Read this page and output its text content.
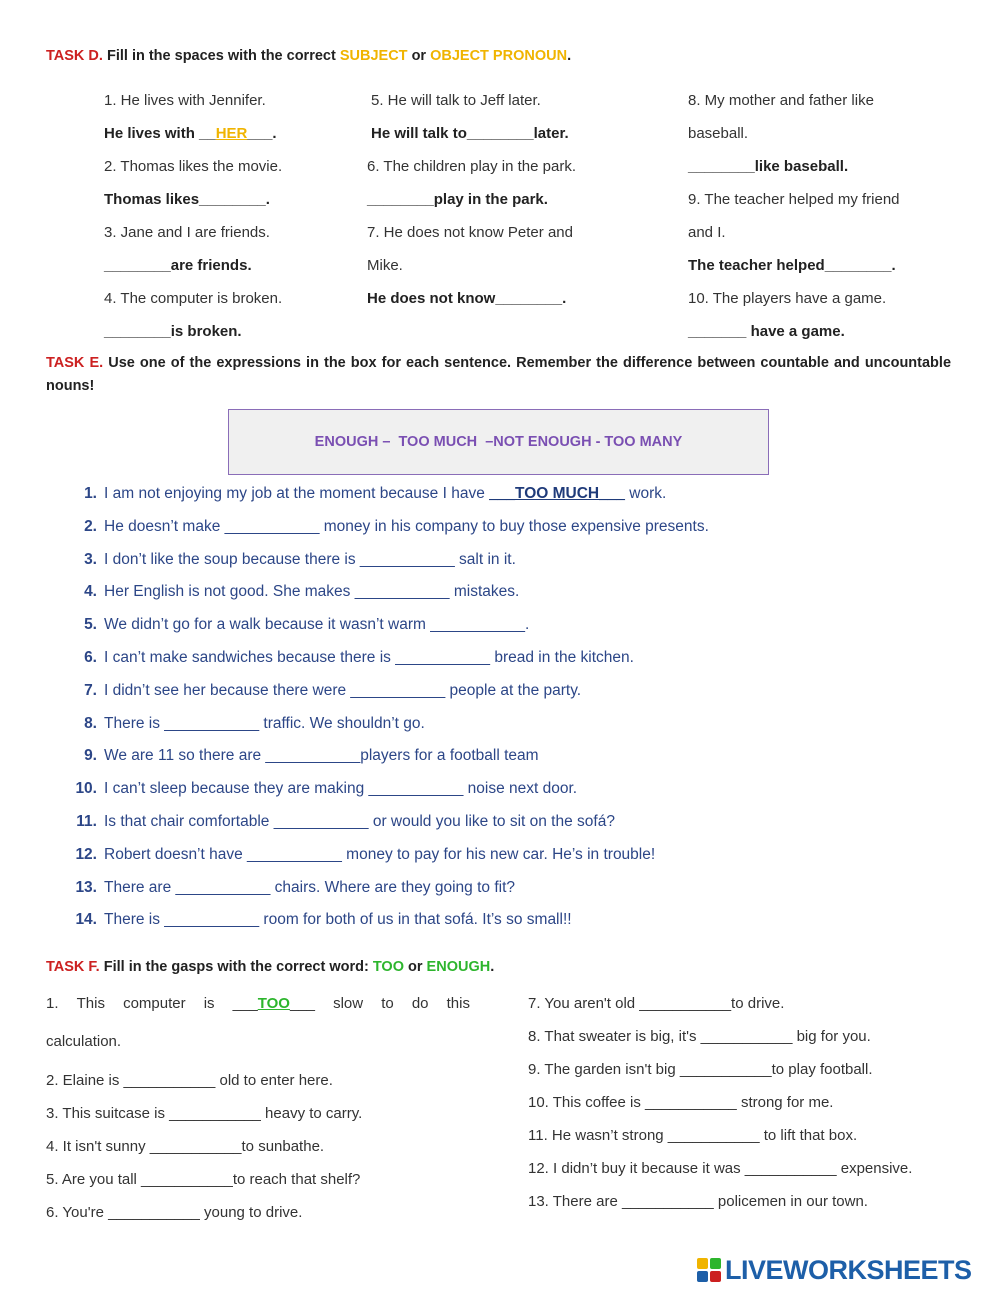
TASK D. Fill in the spaces with the correct SUBJECT or OBJECT PRONOUN.
1. He lives with Jennifer.
He lives with __HER___.
2. Thomas likes the movie.
Thomas likes________.
3. Jane and I are friends.
________are friends.
4. The computer is broken.
________is broken.
5. He will talk to Jeff later.
He will talk to________later.
6. The children play in the park.
________play in the park.
7. He does not know Peter and
Mike.
He does not know________.
8. My mother and father like
baseball.
________like baseball.
9. The teacher helped my friend
and I.
The teacher helped________.
10. The players have a game.
_______ have a game.
TASK E. Use one of the expressions in the box for each sentence. Remember the difference between countable and uncountable nouns!
ENOUGH –  TOO MUCH  –NOT ENOUGH - TOO MANY
1. I am not enjoying my job at the moment because I have ___TOO MUCH___ work.
2. He doesn’t make ___________ money in his company to buy those expensive presents.
3. I don’t like the soup because there is ___________ salt in it.
4. Her English is not good. She makes ___________ mistakes.
5. We didn’t go for a walk because it wasn’t warm ___________.
6. I can’t make sandwiches because there is ___________ bread in the kitchen.
7. I didn’t see her because there were ___________ people at the party.
8. There is ___________ traffic. We shouldn’t go.
9. We are 11 so there are ___________players for a football team
10. I can’t sleep because they are making ___________ noise next door.
11. Is that chair comfortable ___________ or would you like to sit on the sofá?
12. Robert doesn’t have ___________ money to pay for his new car. He’s in trouble!
13. There are ___________ chairs. Where are they going to fit?
14. There is ___________ room for both of us in that sofá. It’s so small!!
TASK F. Fill in the gasps with the correct word: TOO or ENOUGH.
1. This computer is ___TOO___ slow to do this
calculation.
2. Elaine is ___________ old to enter here.
3. This suitcase is ___________ heavy to carry.
4. It isn't sunny ___________to sunbathe.
5. Are you tall ___________to reach that shelf?
6. You're ___________ young to drive.
7. You aren't old ___________to drive.
8. That sweater is big, it's ___________ big for you.
9. The garden isn't big ___________to play football.
10. This coffee is ___________ strong for me.
11. He wasn’t strong ___________ to lift that box.
12. I didn’t buy it because it was ___________ expensive.
13. There are ___________ policemen in our town.
LIVEWORKSHEETS
